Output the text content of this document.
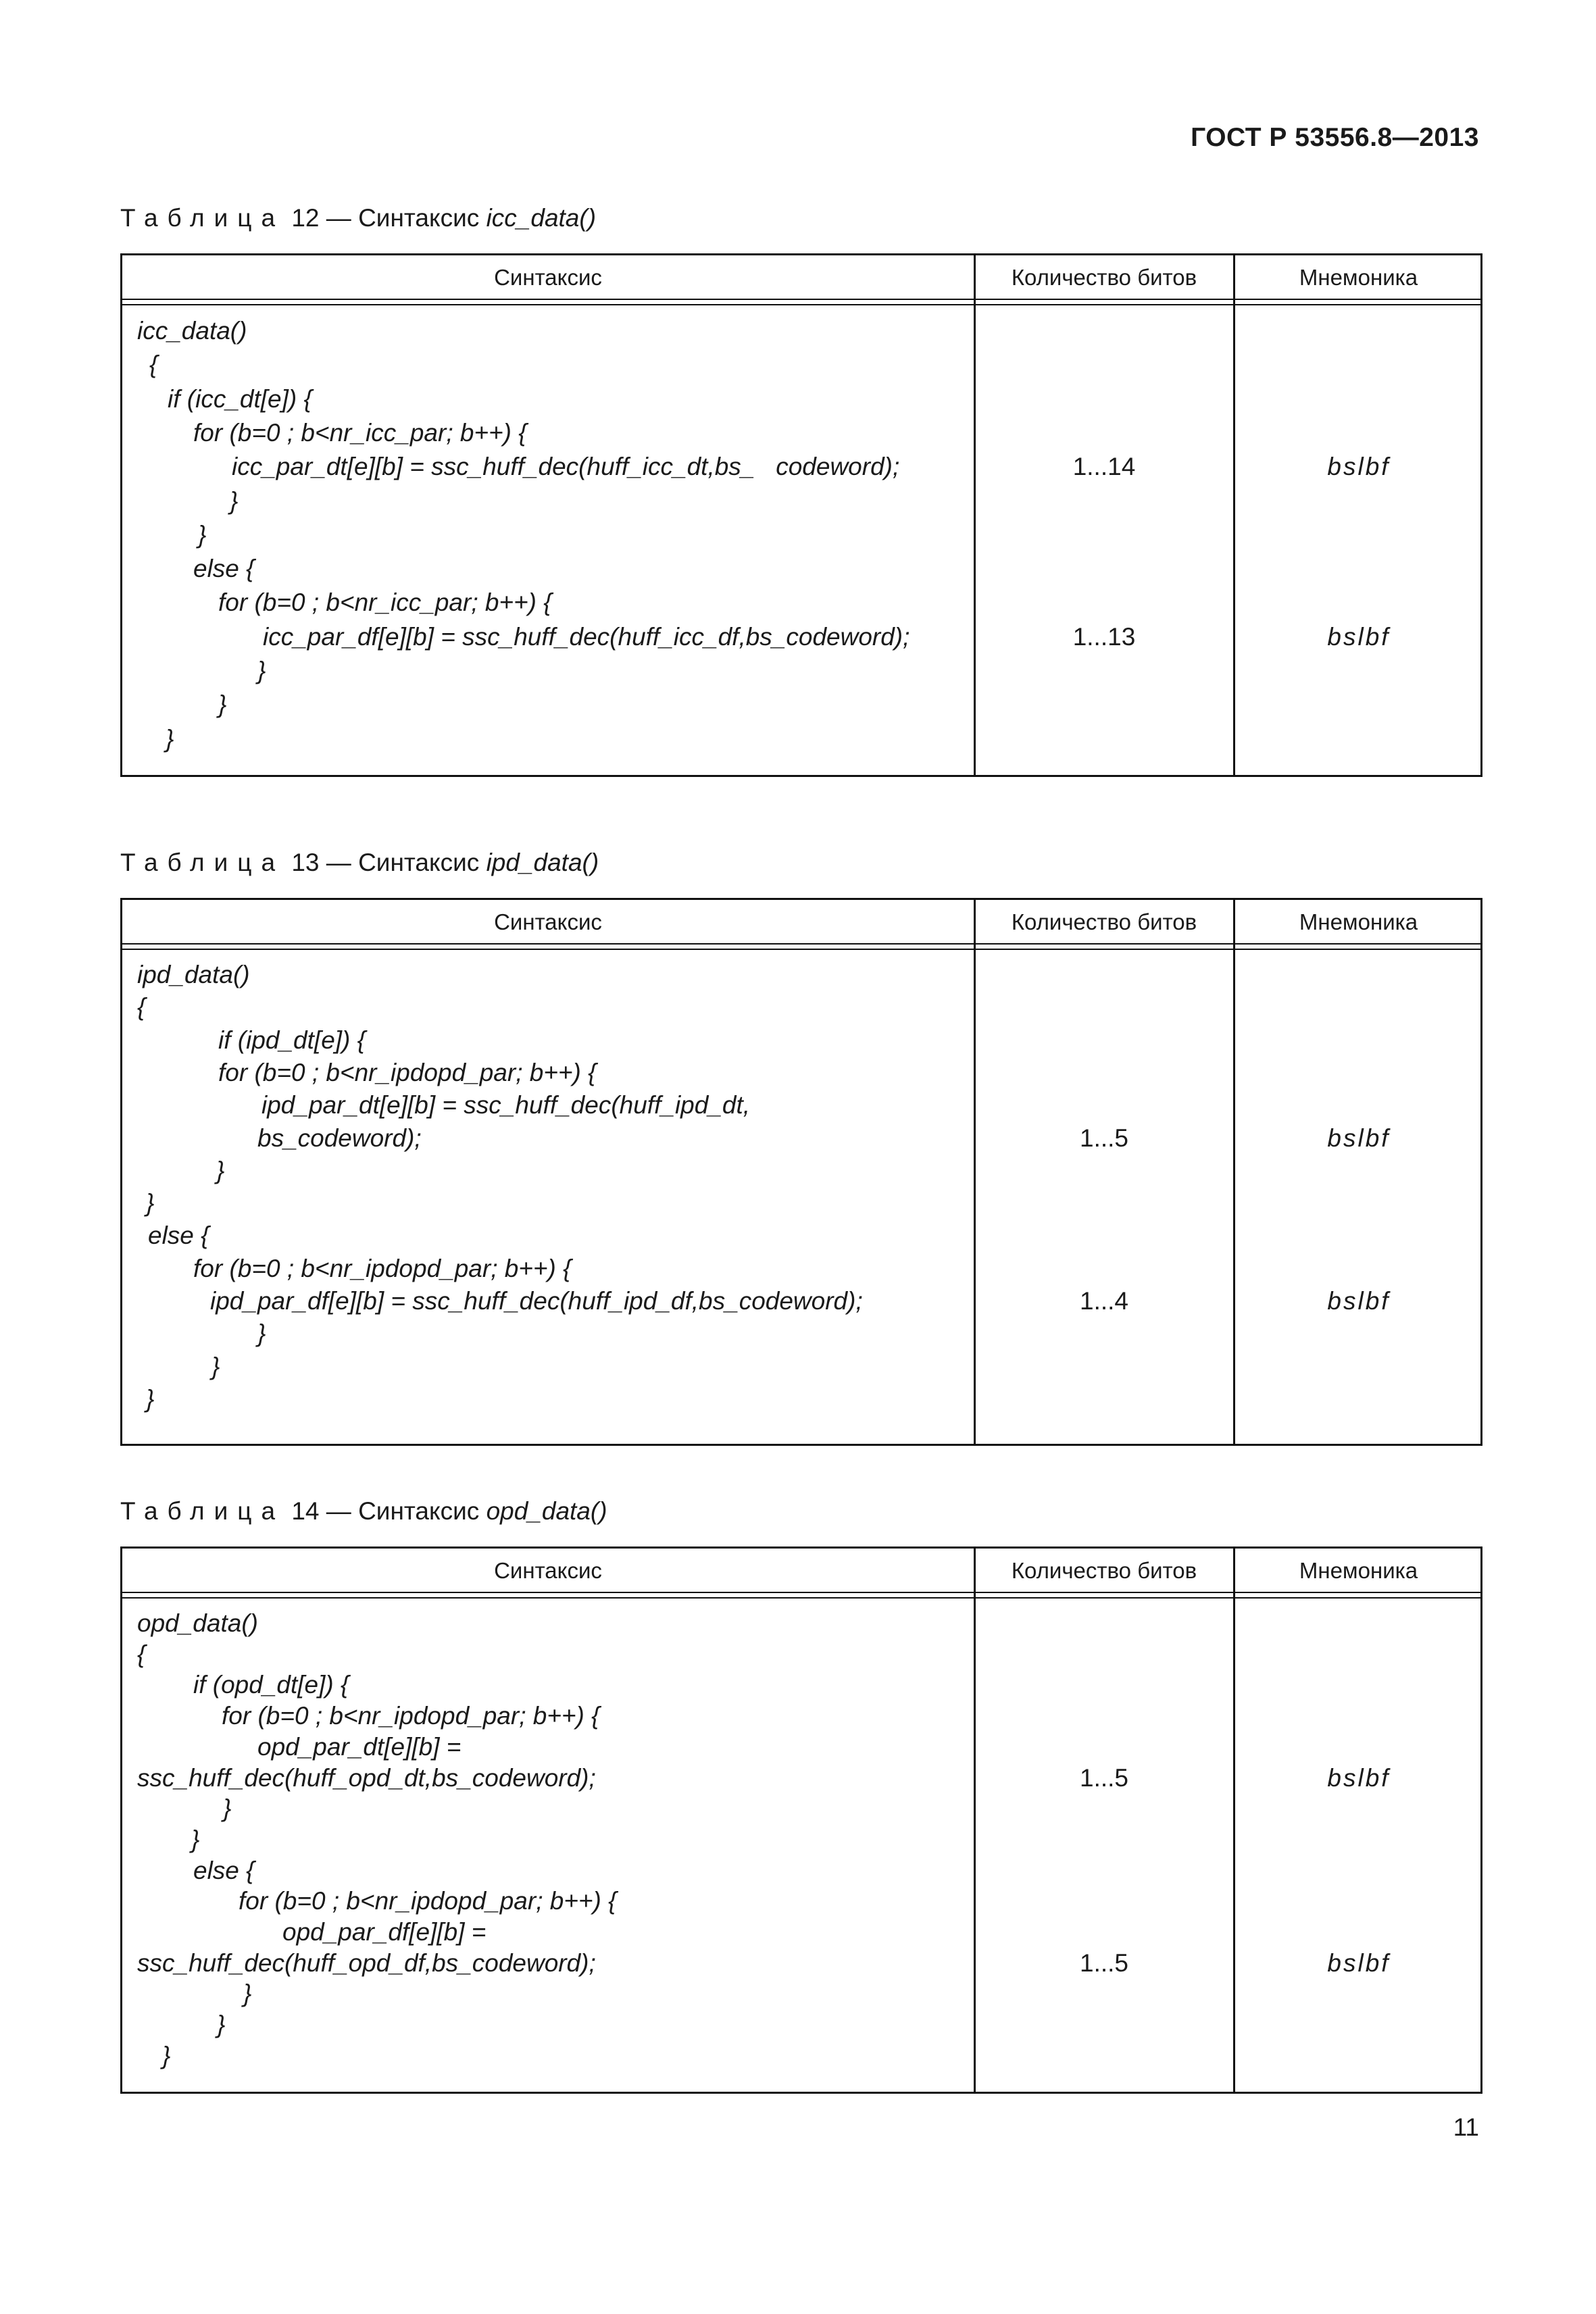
ГОСТ Р 53556.8—2013
Таблица 12 — Синтаксис icc_data()
Синтаксис	Количество битов	Мнемоника
icc_data()
{
if (icc_dt[e]) {
for (b=0 ; b<nr_icc_par; b++) {
icc_par_dt[e][b] = ssc_huff_dec(huff_icc_dt,bs_   codeword);
}
}
else {
for (b=0 ; b<nr_icc_par; b++) {
icc_par_df[e][b] = ssc_huff_dec(huff_icc_df,bs_codeword);
}
}
}
1...14	bslbf
1...13	bslbf
Таблица 13 — Синтаксис ipd_data()
Синтаксис	Количество битов	Мнемоника
ipd_data()
{
if (ipd_dt[e]) {
for (b=0 ; b<nr_ipdopd_par; b++) {
ipd_par_dt[e][b] = ssc_huff_dec(huff_ipd_dt,
bs_codeword);
}
}
else {
for (b=0 ; b<nr_ipdopd_par; b++) {
ipd_par_df[e][b] = ssc_huff_dec(huff_ipd_df,bs_codeword);
}
}
}
1...5	bslbf
1...4	bslbf
Таблица 14 — Синтаксис opd_data()
Синтаксис	Количество битов	Мнемоника
opd_data()
{
if (opd_dt[e]) {
for (b=0 ; b<nr_ipdopd_par; b++) {
opd_par_dt[e][b] =
ssc_huff_dec(huff_opd_dt,bs_codeword);
}
}
else {
for (b=0 ; b<nr_ipdopd_par; b++) {
opd_par_df[e][b] =
ssc_huff_dec(huff_opd_df,bs_codeword);
}
}
}
1...5	bslbf
1...5	bslbf
11
